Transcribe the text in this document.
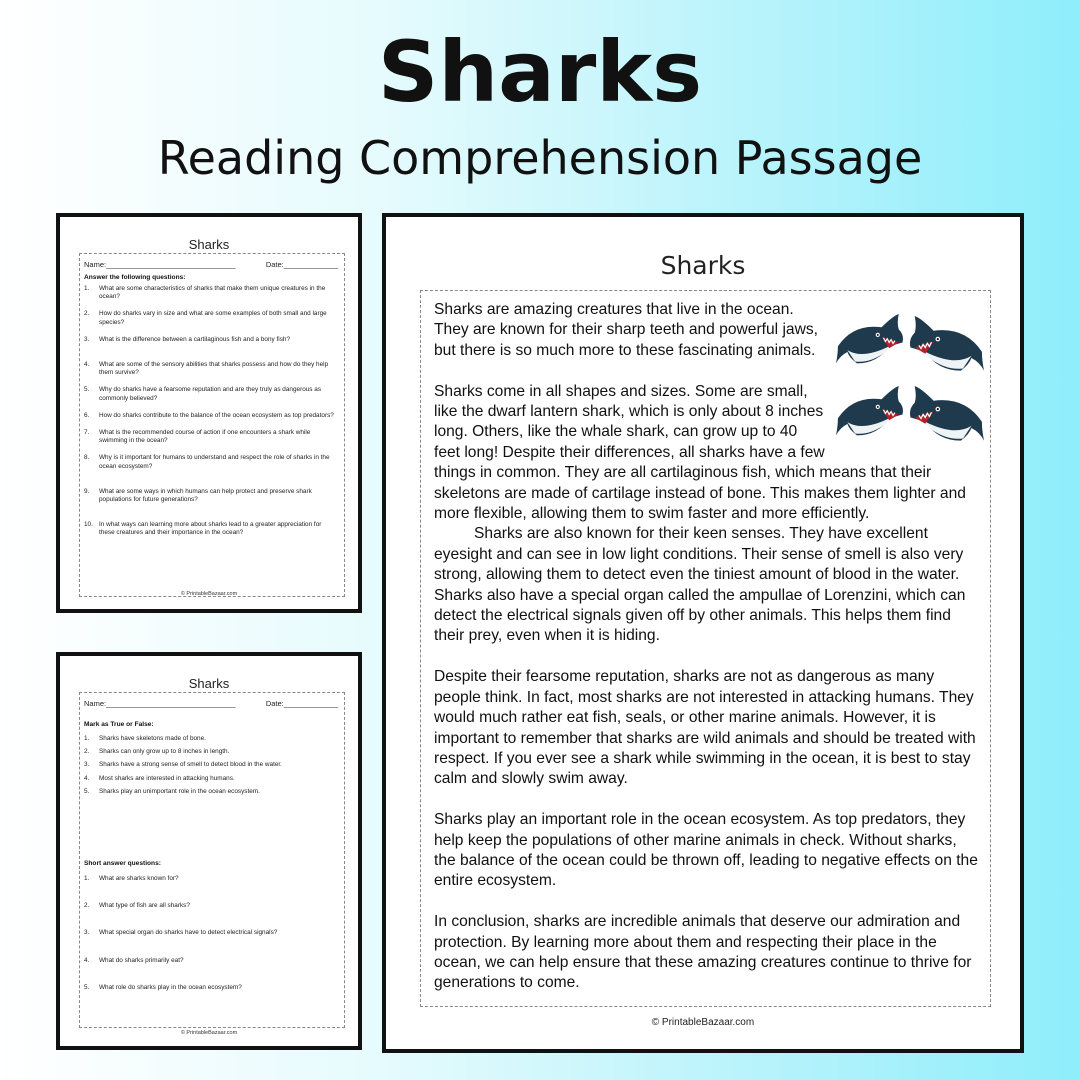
Sharks
Reading Comprehension Passage
Sharks
Name:_______________________________	Date:_____________
Answer the following questions:
1. What are some characteristics of sharks that make them unique creatures in the ocean?
2. How do sharks vary in size and what are some examples of both small and large species?
3. What is the difference between a cartilaginous fish and a bony fish?
4. What are some of the sensory abilities that sharks possess and how do they help them survive?
5. Why do sharks have a fearsome reputation and are they truly as dangerous as commonly believed?
6. How do sharks contribute to the balance of the ocean ecosystem as top predators?
7. What is the recommended course of action if one encounters a shark while swimming in the ocean?
8. Why is it important for humans to understand and respect the role of sharks in the ocean ecosystem?
9. What are some ways in which humans can help protect and preserve shark populations for future generations?
10. In what ways can learning more about sharks lead to a greater appreciation for these creatures and their importance in the ocean?
© PrintableBazaar.com
Sharks
Name:_______________________________	Date:_____________
Mark as True or False:
1. Sharks have skeletons made of bone.
2. Sharks can only grow up to 8 inches in length.
3. Sharks have a strong sense of smell to detect blood in the water.
4. Most sharks are interested in attacking humans.
5. Sharks play an unimportant role in the ocean ecosystem.
Short answer questions:
1. What are sharks known for?
2. What type of fish are all sharks?
3. What special organ do sharks have to detect electrical signals?
4. What do sharks primarily eat?
5. What role do sharks play in the ocean ecosystem?
© PrintableBazaar.com
Sharks

Sharks are amazing creatures that live in the ocean. They are known for their sharp teeth and powerful jaws, but there is so much more to these fascinating animals.

Sharks come in all shapes and sizes. Some are small, like the dwarf lantern shark, which is only about 8 inches long. Others, like the whale shark, can grow up to 40 feet long! Despite their differences, all sharks have a few things in common. They are all cartilaginous fish, which means that their skeletons are made of cartilage instead of bone. This makes them lighter and more flexible, allowing them to swim faster and more efficiently.

Sharks are also known for their keen senses. They have excellent eyesight and can see in low light conditions. Their sense of smell is also very strong, allowing them to detect even the tiniest amount of blood in the water. Sharks also have a special organ called the ampullae of Lorenzini, which can detect the electrical signals given off by other animals. This helps them find their prey, even when it is hiding.

Despite their fearsome reputation, sharks are not as dangerous as many people think. In fact, most sharks are not interested in attacking humans. They would much rather eat fish, seals, or other marine animals. However, it is important to remember that sharks are wild animals and should be treated with respect. If you ever see a shark while swimming in the ocean, it is best to stay calm and slowly swim away.

Sharks play an important role in the ocean ecosystem. As top predators, they help keep the populations of other marine animals in check. Without sharks, the balance of the ocean could be thrown off, leading to negative effects on the entire ecosystem.

In conclusion, sharks are incredible animals that deserve our admiration and protection. By learning more about them and respecting their place in the ocean, we can help ensure that these amazing creatures continue to thrive for generations to come.

© PrintableBazaar.com
